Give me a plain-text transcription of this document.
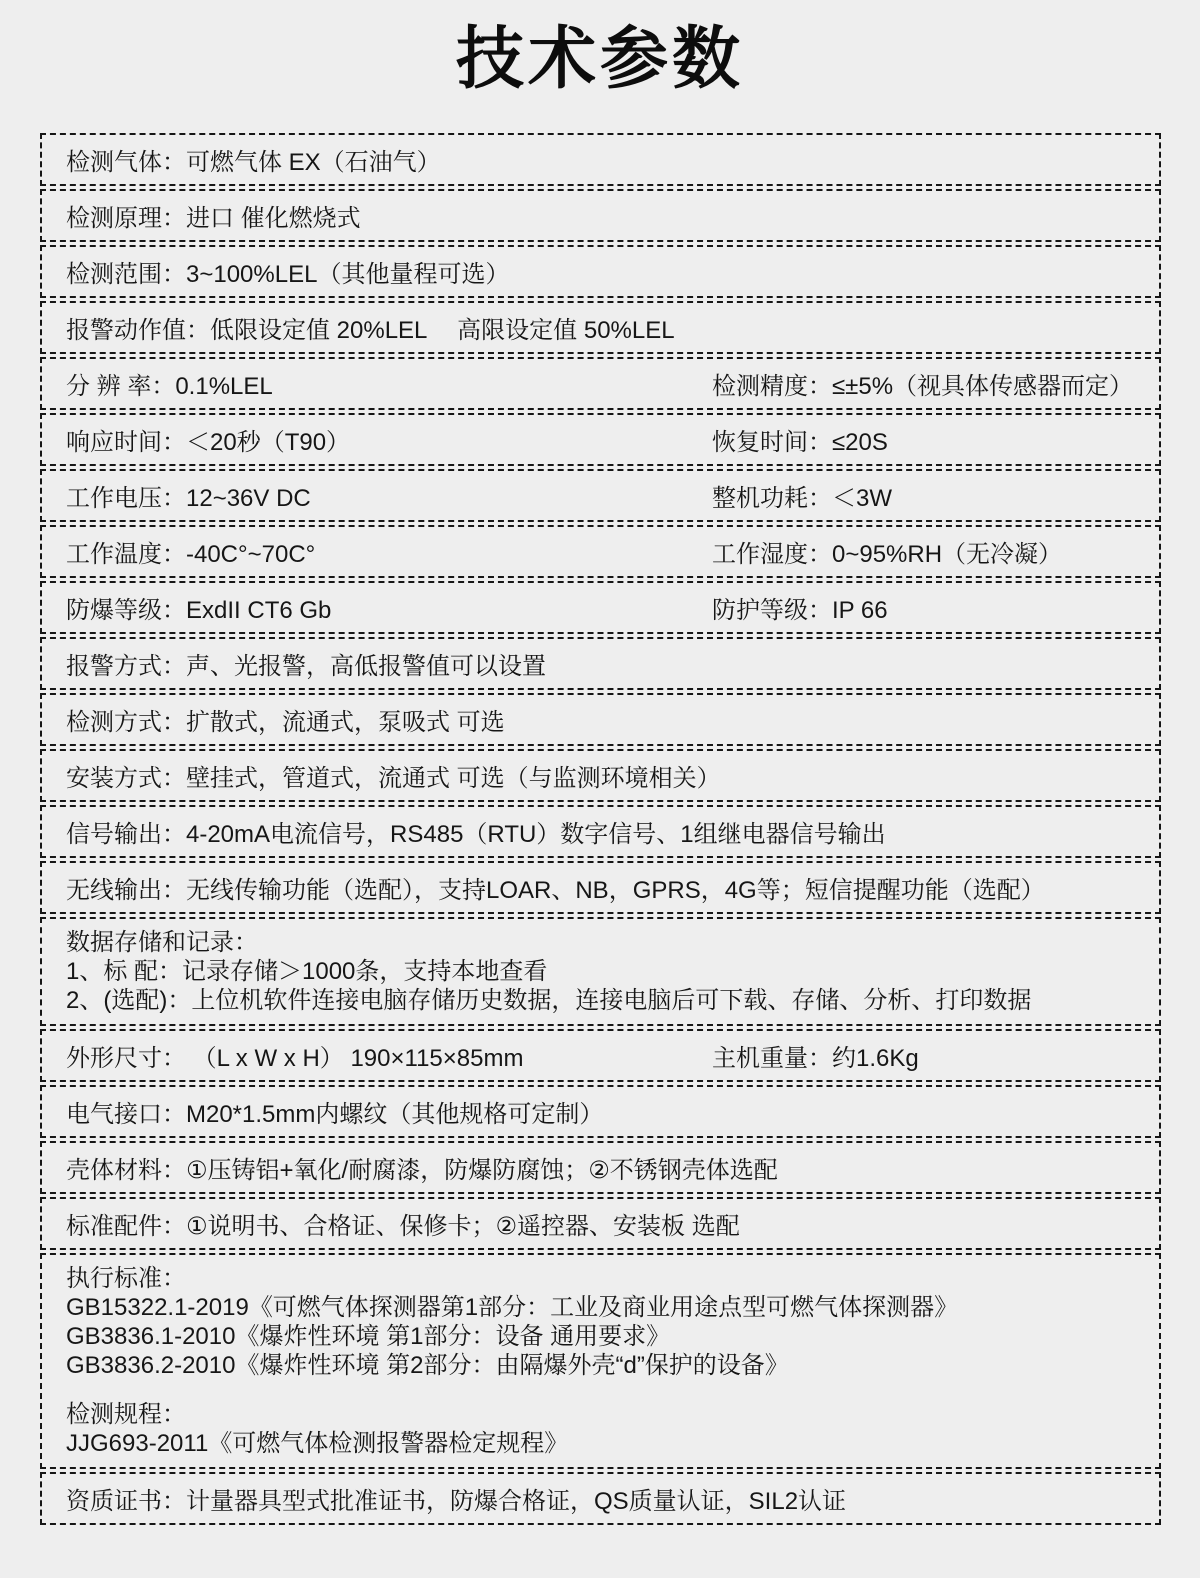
技术参数
检测气体：可燃气体 EX（石油气）
检测原理：进口 催化燃烧式
检测范围：3~100%LEL（其他量程可选）
报警动作值：低限设定值 20%LEL　 高限设定值 50%LEL
分 辨 率：0.1%LEL	检测精度：≤±5%（视具体传感器而定）
响应时间：＜20秒（T90）	恢复时间：≤20S
工作电压：12~36V DC	整机功耗：＜3W
工作温度：-40C°~70C°	工作湿度：0~95%RH（无冷凝）
防爆等级：ExdII CT6 Gb	防护等级：IP 66
报警方式：声、光报警，高低报警值可以设置
检测方式：扩散式，流通式，泵吸式 可选
安装方式：壁挂式，管道式，流通式 可选（与监测环境相关）
信号输出：4-20mA电流信号，RS485（RTU）数字信号、1组继电器信号输出
无线输出：无线传输功能（选配），支持LOAR、NB，GPRS，4G等；短信提醒功能（选配）
数据存储和记录：
1、标 配：记录存储＞1000条，支持本地查看
2、(选配)：上位机软件连接电脑存储历史数据，连接电脑后可下载、存储、分析、打印数据
外形尺寸： （L x W x H） 190×115×85mm	主机重量：约1.6Kg
电气接口：M20*1.5mm内螺纹（其他规格可定制）
壳体材料：①压铸铝+氧化/耐腐漆，防爆防腐蚀；②不锈钢壳体选配
标准配件：①说明书、合格证、保修卡；②遥控器、安装板 选配
执行标准：
GB15322.1-2019《可燃气体探测器第1部分：工业及商业用途点型可燃气体探测器》
GB3836.1-2010《爆炸性环境 第1部分：设备 通用要求》
GB3836.2-2010《爆炸性环境 第2部分：由隔爆外壳“d”保护的设备》
检测规程：
JJG693-2011《可燃气体检测报警器检定规程》
资质证书：计量器具型式批准证书，防爆合格证，QS质量认证，SIL2认证
